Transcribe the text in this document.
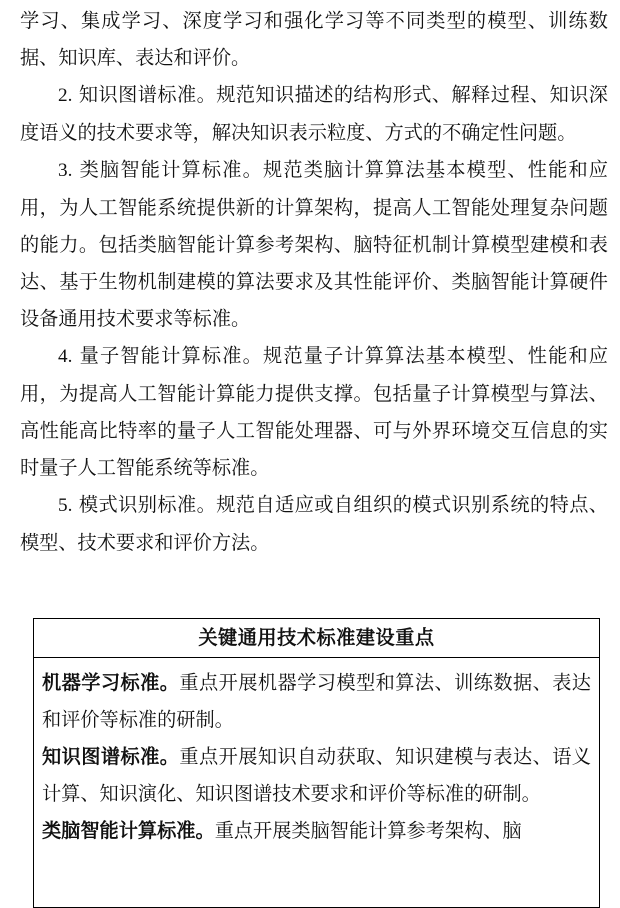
学习、集成学习、深度学习和强化学习等不同类型的模型、训练数据、知识库、表达和评价。

2. 知识图谱标准。规范知识描述的结构形式、解释过程、知识深度语义的技术要求等，解决知识表示粒度、方式的不确定性问题。

3. 类脑智能计算标准。规范类脑计算算法基本模型、性能和应用，为人工智能系统提供新的计算架构，提高人工智能处理复杂问题的能力。包括类脑智能计算参考架构、脑特征机制计算模型建模和表达、基于生物机制建模的算法要求及其性能评价、类脑智能计算硬件设备通用技术要求等标准。

4. 量子智能计算标准。规范量子计算算法基本模型、性能和应用，为提高人工智能计算能力提供支撑。包括量子计算模型与算法、高性能高比特率的量子人工智能处理器、可与外界环境交互信息的实时量子人工智能系统等标准。

5. 模式识别标准。规范自适应或自组织的模式识别系统的特点、模型、技术要求和评价方法。

关键通用技术标准建设重点

机器学习标准。重点开展机器学习模型和算法、训练数据、表达和评价等标准的研制。

知识图谱标准。重点开展知识自动获取、知识建模与表达、语义计算、知识演化、知识图谱技术要求和评价等标准的研制。

类脑智能计算标准。重点开展类脑智能计算参考架构、脑
